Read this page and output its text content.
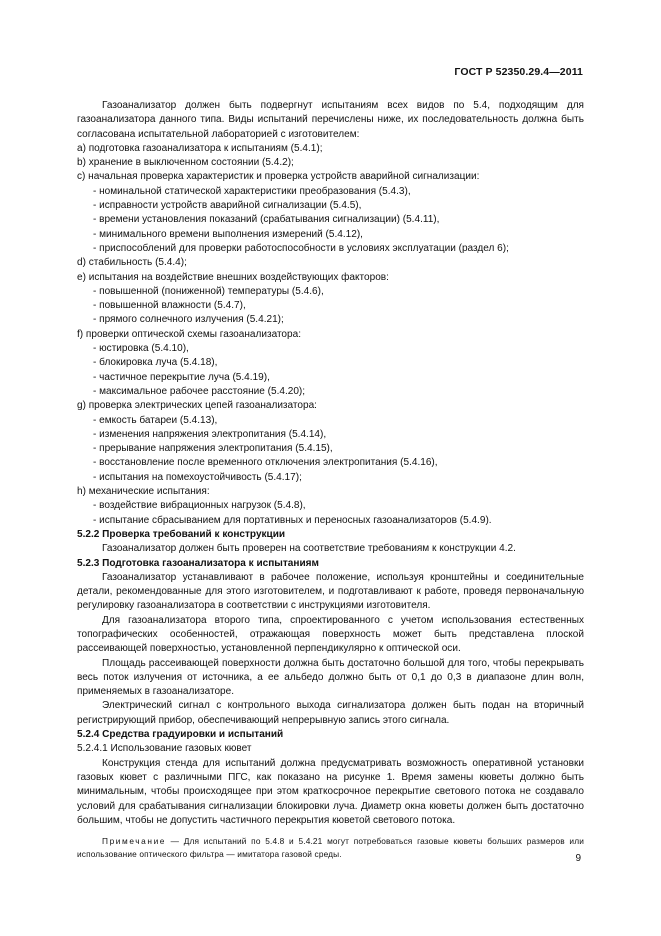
ГОСТ Р 52350.29.4—2011

Газоанализатор должен быть подвергнут испытаниям всех видов по 5.4, подходящим для газоанализатора данного типа. Виды испытаний перечислены ниже, их последовательность должна быть согласована испытательной лабораторией с изготовителем:

a) подготовка газоанализатора к испытаниям (5.4.1);

b) хранение в выключенном состоянии (5.4.2);

c) начальная проверка характеристик и проверка устройств аварийной сигнализации:

- номинальной статической характеристики преобразования (5.4.3),

- исправности устройств аварийной сигнализации (5.4.5),

- времени установления показаний (срабатывания сигнализации) (5.4.11),

- минимального времени выполнения измерений (5.4.12),

- приспособлений для проверки работоспособности в условиях эксплуатации (раздел 6);

d) стабильность (5.4.4);

e) испытания на воздействие внешних воздействующих факторов:

- повышенной (пониженной) температуры (5.4.6),

- повышенной влажности (5.4.7),

- прямого солнечного излучения (5.4.21);

f) проверки оптической схемы газоанализатора:

- юстировка (5.4.10),

- блокировка луча (5.4.18),

- частичное перекрытие луча (5.4.19),

- максимальное рабочее расстояние (5.4.20);

g) проверка электрических цепей газоанализатора:

- емкость батареи (5.4.13),

- изменения напряжения электропитания (5.4.14),

- прерывание напряжения электропитания (5.4.15),

- восстановление после временного отключения электропитания (5.4.16),

- испытания на помехоустойчивость (5.4.17);

h) механические испытания:

- воздействие вибрационных нагрузок (5.4.8),

- испытание сбрасыванием для портативных и переносных газоанализаторов (5.4.9).

5.2.2 Проверка требований к конструкции

Газоанализатор должен быть проверен на соответствие требованиям к конструкции 4.2.

5.2.3 Подготовка газоанализатора к испытаниям

Газоанализатор устанавливают в рабочее положение, используя кронштейны и соединительные детали, рекомендованные для этого изготовителем, и подготавливают к работе, проведя первоначальную регулировку газоанализатора в соответствии с инструкциями изготовителя.

Для газоанализатора второго типа, спроектированного с учетом использования естественных топографических особенностей, отражающая поверхность может быть представлена плоской рассеивающей поверхностью, установленной перпендикулярно к оптической оси.

Площадь рассеивающей поверхности должна быть достаточно большой для того, чтобы перекрывать весь поток излучения от источника, а ее альбедо должно быть от 0,1 до 0,3 в диапазоне длин волн, применяемых в газоанализаторе.

Электрический сигнал с контрольного выхода сигнализатора должен быть подан на вторичный регистрирующий прибор, обеспечивающий непрерывную запись этого сигнала.

5.2.4 Средства градуировки и испытаний

5.2.4.1 Использование газовых кювет

Конструкция стенда для испытаний должна предусматривать возможность оперативной установки газовых кювет с различными ПГС, как показано на рисунке 1. Время замены кюветы должно быть минимальным, чтобы происходящее при этом краткосрочное перекрытие светового потока не создавало условий для срабатывания сигнализации блокировки луча. Диаметр окна кюветы должен быть достаточно большим, чтобы не допустить частичного перекрытия кюветой светового потока.

Примечание — Для испытаний по 5.4.8 и 5.4.21 могут потребоваться газовые кюветы больших размеров или использование оптического фильтра — имитатора газовой среды.	9
